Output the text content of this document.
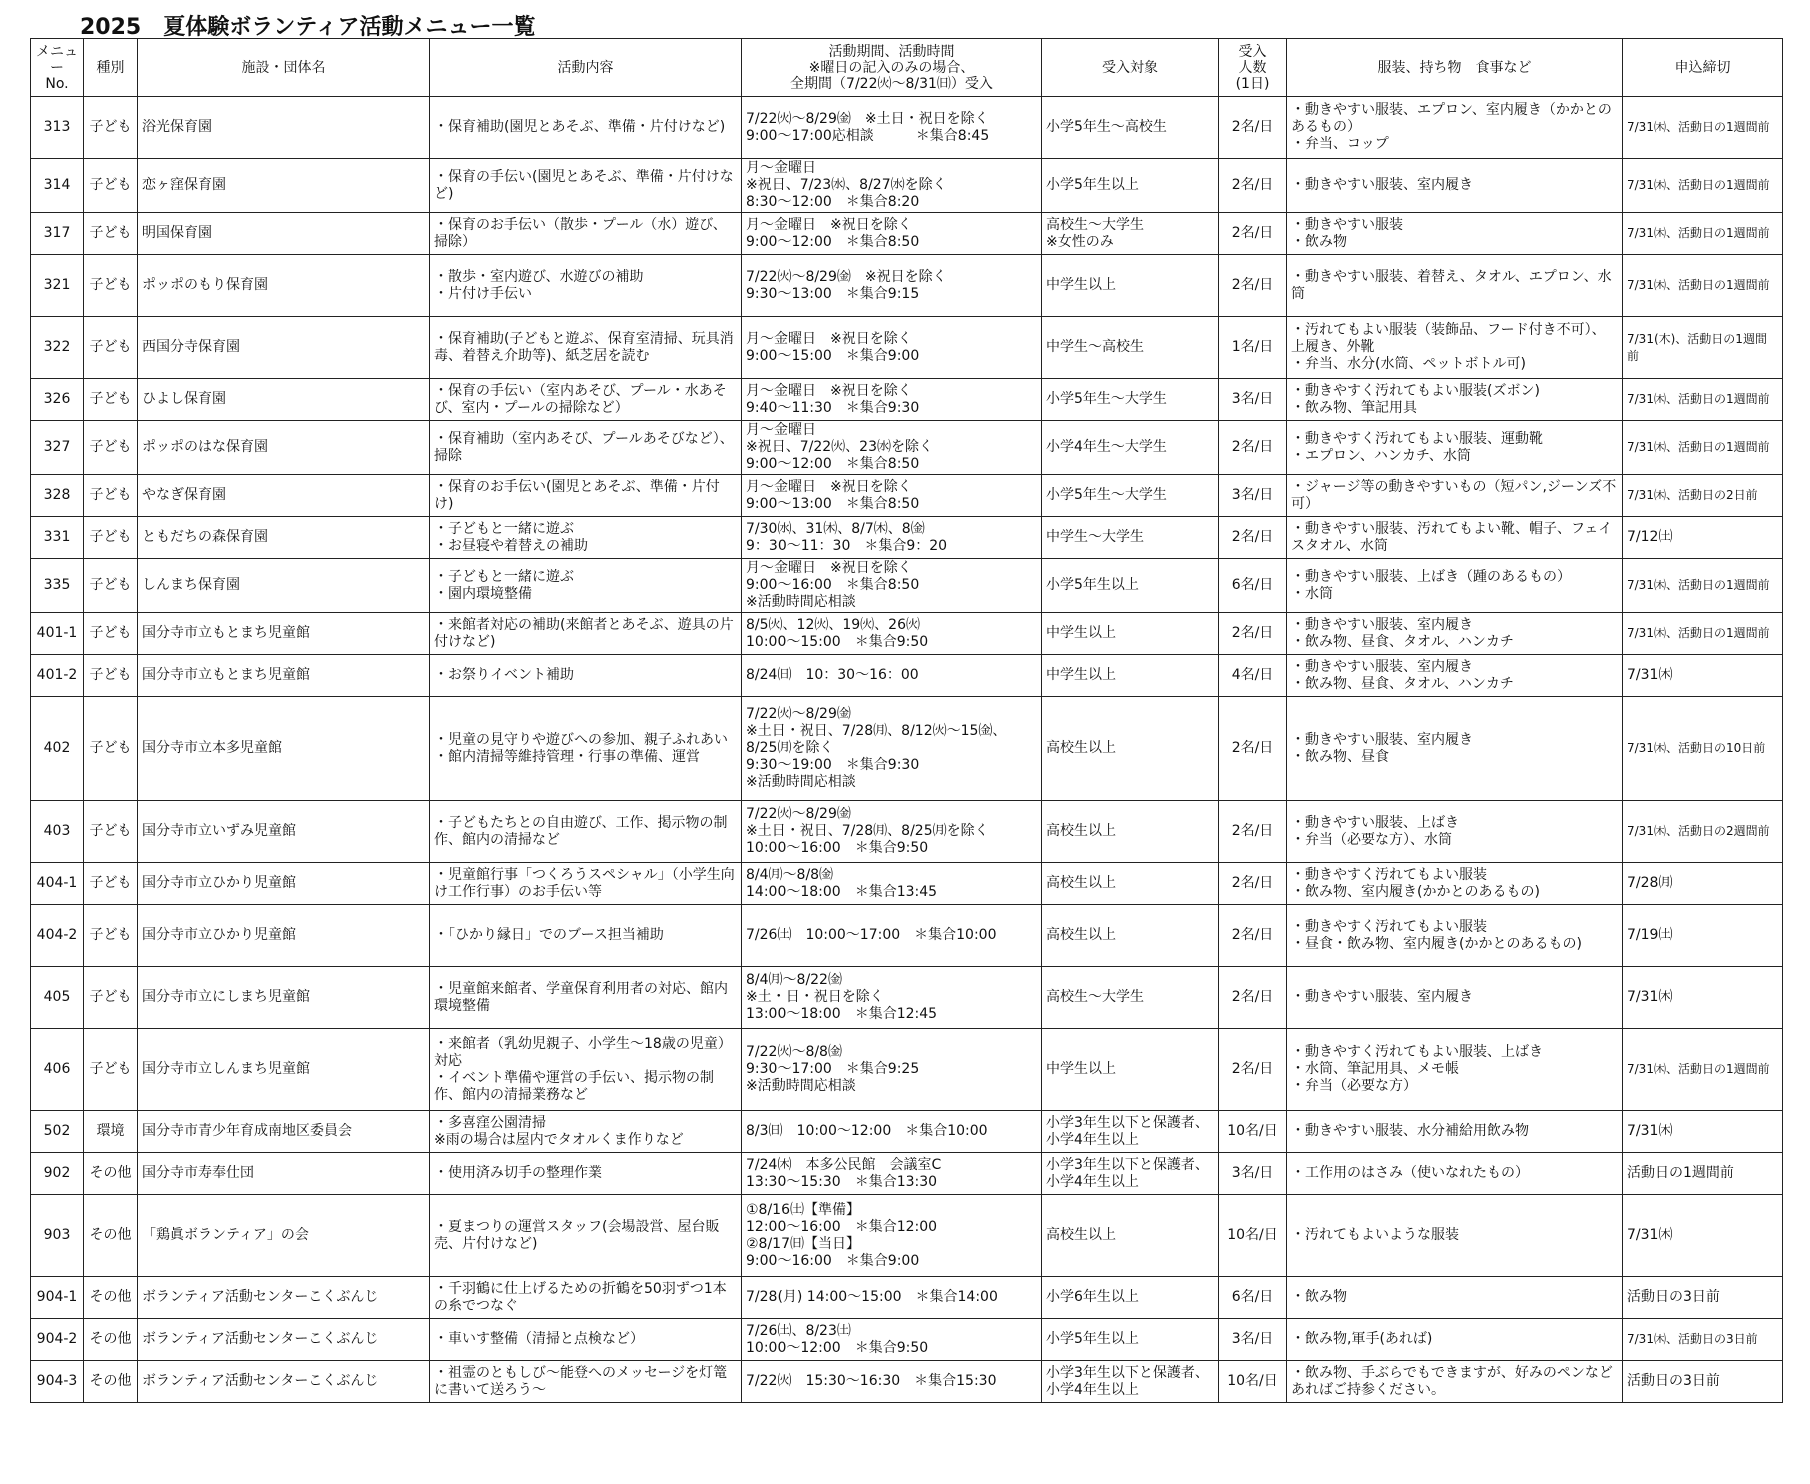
2025　夏体験ボランティア活動メニュー一覧
メニュー
No.	種別	施設・団体名	活動内容	活動期間、活動時間
※曜日の記入のみの場合、
全期間（7/22㈫〜8/31㈰）受入	受入対象	受入
人数
(1日)	服装、持ち物　食事など	申込締切
313	子ども	浴光保育園	・保育補助(園児とあそぶ、準備・片付けなど)	7/22㈫〜8/29㈮　※土日・祝日を除く
9:00〜17:00応相談　　　＊集合8:45	小学5年生〜高校生	2名/日	・動きやすい服装、エプロン、室内履き（かかとのあるもの）
・弁当、コップ	7/31㈭、活動日の1週間前
314	子ども	恋ヶ窪保育園	・保育の手伝い(園児とあそぶ、準備・片付けなど)	月〜金曜日
※祝日、7/23㈬、8/27㈬を除く
8:30〜12:00　＊集合8:20	小学5年生以上	2名/日	・動きやすい服装、室内履き	7/31㈭、活動日の1週間前
317	子ども	明国保育園	・保育のお手伝い（散歩・プール（水）遊び、掃除）	月〜金曜日　※祝日を除く
9:00〜12:00　＊集合8:50	高校生〜大学生
※女性のみ	2名/日	・動きやすい服装
・飲み物	7/31㈭、活動日の1週間前
321	子ども	ポッポのもり保育園	・散歩・室内遊び、水遊びの補助
・片付け手伝い	7/22㈫〜8/29㈮　※祝日を除く
9:30〜13:00　＊集合9:15	中学生以上	2名/日	・動きやすい服装、着替え、タオル、エプロン、水筒	7/31㈭、活動日の1週間前
322	子ども	西国分寺保育園	・保育補助(子どもと遊ぶ、保育室清掃、玩具消毒、着替え介助等)、紙芝居を読む	月〜金曜日　※祝日を除く
9:00〜15:00　＊集合9:00	中学生〜高校生	1名/日	・汚れてもよい服装（装飾品、フード付き不可）、上履き、外靴
・弁当、水分(水筒、ペットボトル可)	7/31(木)、活動日の1週間前
326	子ども	ひよし保育園	・保育の手伝い（室内あそび、プール・水あそび、室内・プールの掃除など）	月〜金曜日　※祝日を除く
9:40〜11:30　＊集合9:30	小学5年生〜大学生	3名/日	・動きやすく汚れてもよい服装(ズボン)
・飲み物、筆記用具	7/31㈭、活動日の1週間前
327	子ども	ポッポのはな保育園	・保育補助（室内あそび、プールあそびなど）、掃除	月〜金曜日
※祝日、7/22㈫、23㈬を除く
9:00〜12:00　＊集合8:50	小学4年生〜大学生	2名/日	・動きやすく汚れてもよい服装、運動靴
・エプロン、ハンカチ、水筒	7/31㈭、活動日の1週間前
328	子ども	やなぎ保育園	・保育のお手伝い(園児とあそぶ、準備・片付け)	月〜金曜日　※祝日を除く
9:00〜13:00　＊集合8:50	小学5年生〜大学生	3名/日	・ジャージ等の動きやすいもの（短パン,ジーンズ不可）	7/31㈭、活動日の2日前
331	子ども	ともだちの森保育園	・子どもと一緒に遊ぶ
・お昼寝や着替えの補助	7/30㈬、31㈭、8/7㈭、8㈮
9：30〜11：30　＊集合9：20	中学生〜大学生	2名/日	・動きやすい服装、汚れてもよい靴、帽子、フェイスタオル、水筒	7/12㈯
335	子ども	しんまち保育園	・子どもと一緒に遊ぶ
・園内環境整備	月〜金曜日　※祝日を除く
9:00〜16:00　＊集合8:50
※活動時間応相談	小学5年生以上	6名/日	・動きやすい服装、上ばき（踵のあるもの）
・水筒	7/31㈭、活動日の1週間前
401-1	子ども	国分寺市立もとまち児童館	・来館者対応の補助(来館者とあそぶ、遊具の片付けなど)	8/5㈫、12㈫、19㈫、26㈫
10:00〜15:00　＊集合9:50	中学生以上	2名/日	・動きやすい服装、室内履き
・飲み物、昼食、タオル、ハンカチ	7/31㈭、活動日の1週間前
401-2	子ども	国分寺市立もとまち児童館	・お祭りイベント補助	8/24㈰　10：30〜16：00	中学生以上	4名/日	・動きやすい服装、室内履き
・飲み物、昼食、タオル、ハンカチ	7/31㈭
402	子ども	国分寺市立本多児童館	・児童の見守りや遊びへの参加、親子ふれあい
・館内清掃等維持管理・行事の準備、運営	7/22㈫〜8/29㈮
※土日・祝日、7/28㈪、8/12㈫〜15㈮、8/25㈪を除く
9:30〜19:00　＊集合9:30
※活動時間応相談	高校生以上	2名/日	・動きやすい服装、室内履き
・飲み物、昼食	7/31㈭、活動日の10日前
403	子ども	国分寺市立いずみ児童館	・子どもたちとの自由遊び、工作、掲示物の制作、館内の清掃など	7/22㈫〜8/29㈮
※土日・祝日、7/28㈪、8/25㈪を除く
10:00〜16:00　＊集合9:50	高校生以上	2名/日	・動きやすい服装、上ばき
・弁当（必要な方）、水筒	7/31㈭、活動日の2週間前
404-1	子ども	国分寺市立ひかり児童館	・児童館行事「つくろうスペシャル」（小学生向け工作行事）のお手伝い等	8/4㈪〜8/8㈮
14:00〜18:00　＊集合13:45	高校生以上	2名/日	・動きやすく汚れてもよい服装
・飲み物、室内履き(かかとのあるもの)	7/28㈪
404-2	子ども	国分寺市立ひかり児童館	・「ひかり縁日」でのブース担当補助	7/26㈯　10:00〜17:00　＊集合10:00	高校生以上	2名/日	・動きやすく汚れてもよい服装
・昼食・飲み物、室内履き(かかとのあるもの)	7/19㈯
405	子ども	国分寺市立にしまち児童館	・児童館来館者、学童保育利用者の対応、館内環境整備	8/4㈪〜8/22㈮
※土・日・祝日を除く
13:00〜18:00　＊集合12:45	高校生〜大学生	2名/日	・動きやすい服装、室内履き	7/31㈭
406	子ども	国分寺市立しんまち児童館	・来館者（乳幼児親子、小学生〜18歳の児童）対応
・イベント準備や運営の手伝い、掲示物の制作、館内の清掃業務など	7/22㈫〜8/8㈮
9:30〜17:00　＊集合9:25
※活動時間応相談	中学生以上	2名/日	・動きやすく汚れてもよい服装、上ばき
・水筒、筆記用具、メモ帳
・弁当（必要な方）	7/31㈭、活動日の1週間前
502	環境	国分寺市青少年育成南地区委員会	・多喜窪公園清掃
※雨の場合は屋内でタオルくま作りなど	8/3㈰　10:00〜12:00　＊集合10:00	小学3年生以下と保護者、小学4年生以上	10名/日	・動きやすい服装、水分補給用飲み物	7/31㈭
902	その他	国分寺市寿奉仕団	・使用済み切手の整理作業	7/24㈭　本多公民館　会議室C
13:30〜15:30　＊集合13:30	小学3年生以下と保護者、小学4年生以上	3名/日	・工作用のはさみ（使いなれたもの）	活動日の1週間前
903	その他	「鶏眞ボランティア」の会	・夏まつりの運営スタッフ(会場設営、屋台販売、片付けなど)	①8/16㈯【準備】
12:00〜16:00　＊集合12:00
②8/17㈰【当日】
9:00〜16:00　＊集合9:00	高校生以上	10名/日	・汚れてもよいような服装	7/31㈭
904-1	その他	ボランティア活動センターこくぶんじ	・千羽鶴に仕上げるための折鶴を50羽ずつ1本の糸でつなぐ	7/28(月) 14:00〜15:00　＊集合14:00	小学6年生以上	6名/日	・飲み物	活動日の3日前
904-2	その他	ボランティア活動センターこくぶんじ	・車いす整備（清掃と点検など）	7/26㈯、8/23㈯
10:00〜12:00　＊集合9:50	小学5年生以上	3名/日	・飲み物,軍手(あれば)	7/31㈭、活動日の3日前
904-3	その他	ボランティア活動センターこくぶんじ	・祖霊のともしび〜能登へのメッセージを灯篭に書いて送ろう〜	7/22㈫　15:30〜16:30　＊集合15:30	小学3年生以下と保護者、小学4年生以上	10名/日	・飲み物、手ぶらでもできますが、好みのペンなどあればご持参ください。	活動日の3日前
